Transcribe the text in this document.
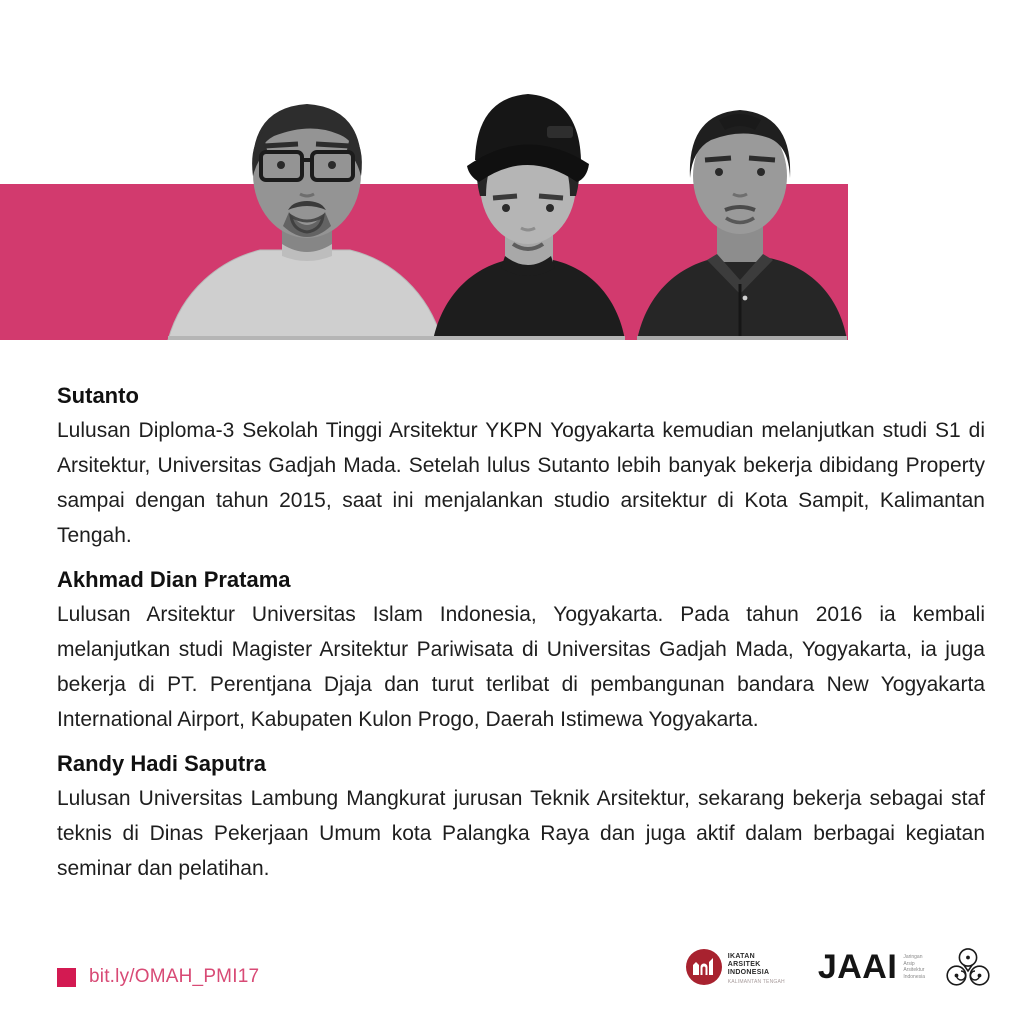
Sutanto

Lulusan Diploma-3 Sekolah Tinggi Arsitektur YKPN Yogyakarta kemudian melanjutkan studi S1 di Arsitektur, Universitas Gadjah Mada. Setelah lulus Sutanto lebih banyak bekerja dibidang Property sampai dengan tahun 2015, saat ini menjalankan studio arsitektur di Kota Sampit, Kalimantan Tengah.

Akhmad Dian Pratama

Lulusan Arsitektur Universitas Islam Indonesia, Yogyakarta. Pada tahun 2016 ia kembali melanjutkan studi Magister Arsitektur Pariwisata di Universitas Gadjah Mada, Yogyakarta, ia juga bekerja di PT. Perentjana Djaja dan turut terlibat di pembangunan bandara New Yogyakarta International Airport, Kabupaten Kulon Progo, Daerah Istimewa Yogyakarta.

Randy Hadi Saputra

Lulusan Universitas Lambung Mangkurat jurusan Teknik Arsitektur, sekarang bekerja sebagai staf teknis di Dinas Pekerjaan Umum kota Palangka Raya dan juga aktif dalam berbagai kegiatan seminar dan pelatihan.

bit.ly/OMAH_PMI17
IKATAN
ARSITEK
INDONESIA
KALIMANTAN TENGAH JAAI Jaringan
Arsip
Arsitektur
Indonesia
